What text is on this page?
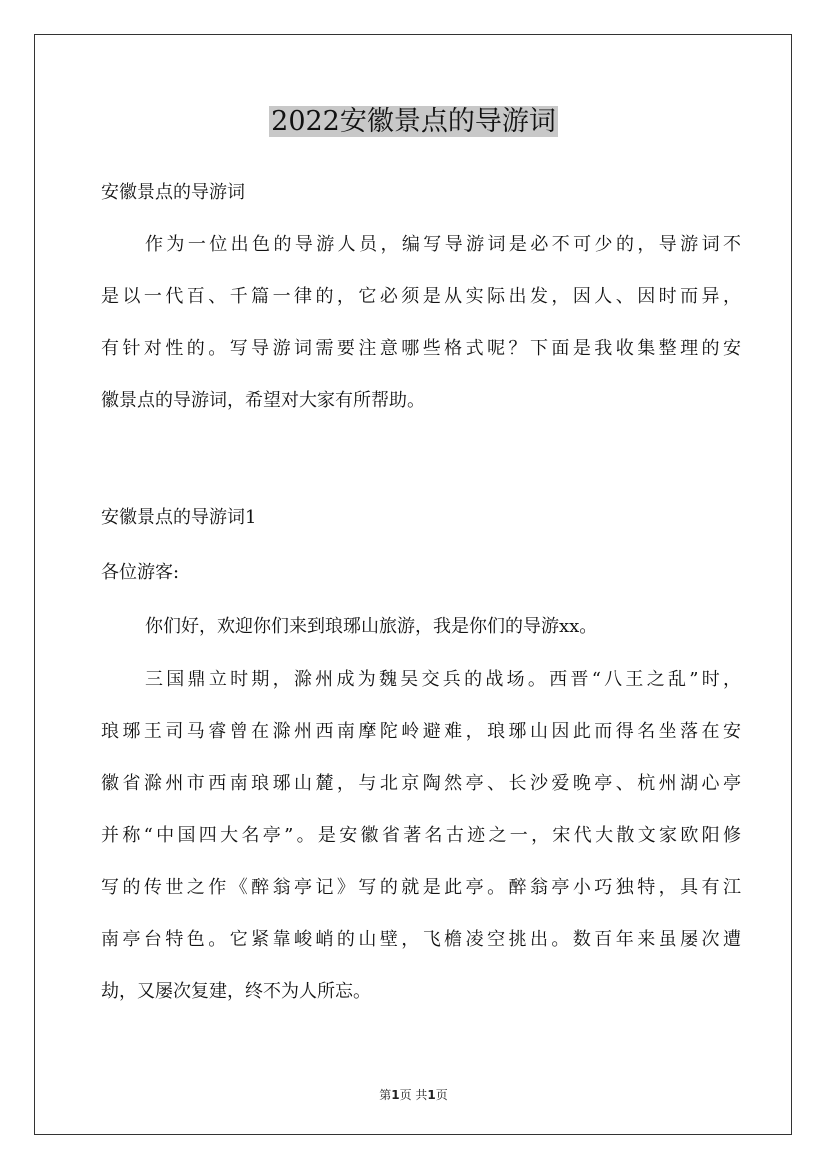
2022安徽景点的导游词
安徽景点的导游词
作为一位出色的导游人员，编写导游词是必不可少的，导游词不
是以一代百、千篇一律的，它必须是从实际出发，因人、因时而异，
有针对性的。写导游词需要注意哪些格式呢？下面是我收集整理的安
徽景点的导游词，希望对大家有所帮助。
安徽景点的导游词1
各位游客:
你们好，欢迎你们来到琅琊山旅游，我是你们的导游xx。
三国鼎立时期，滁州成为魏吴交兵的战场。西晋“八王之乱”时，
琅琊王司马睿曾在滁州西南摩陀岭避难，琅琊山因此而得名坐落在安
徽省滁州市西南琅琊山麓，与北京陶然亭、长沙爱晚亭、杭州湖心亭
并称“中国四大名亭”。是安徽省著名古迹之一，宋代大散文家欧阳修
写的传世之作《醉翁亭记》写的就是此亭。醉翁亭小巧独特，具有江
南亭台特色。它紧靠峻峭的山壁，飞檐凌空挑出。数百年来虽屡次遭
劫，又屡次复建，终不为人所忘。
第1页 共1页
